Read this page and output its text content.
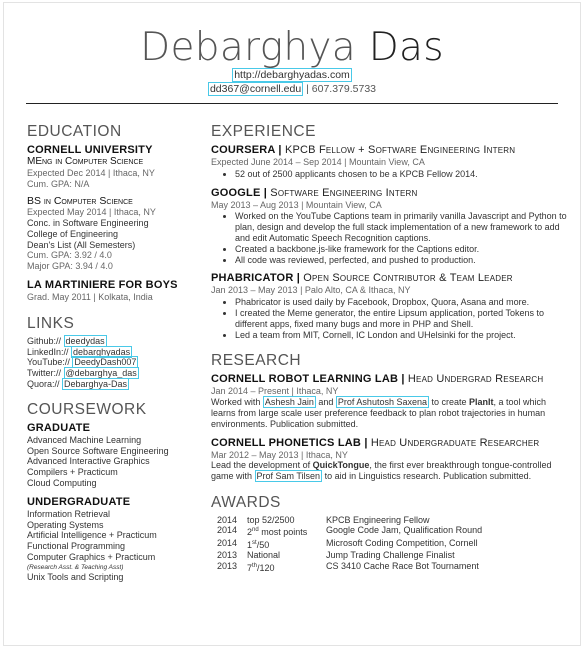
Debarghya Das
http://debarghyadas.com
dd367@cornell.edu | 607.379.5733
EDUCATION
CORNELL UNIVERSITY
MEng in Computer Science
Expected Dec 2014 | Ithaca, NY
Cum. GPA: N/A
BS in Computer Science
Expected May 2014 | Ithaca, NY
Conc. in Software Engineering
College of Engineering
Dean's List (All Semesters)
Cum. GPA: 3.92 / 4.0
Major GPA: 3.94 / 4.0
LA MARTINIERE FOR BOYS
Grad. May 2011 | Kolkata, India
LINKS
Github:// deedydas
LinkedIn:// debarghyadas
YouTube:// DeedyDash007
Twitter:// @debarghya_das
Quora:// Debarghya-Das
COURSEWORK
GRADUATE
Advanced Machine Learning
Open Source Software Engineering
Advanced Interactive Graphics
Compilers + Practicum
Cloud Computing
UNDERGRADUATE
Information Retrieval
Operating Systems
Artificial Intelligence + Practicum
Functional Programming
Computer Graphics + Practicum
(Research Asst. & Teaching Asst)
Unix Tools and Scripting
EXPERIENCE
COURSERA | KPCB Fellow + Software Engineering Intern
Expected June 2014 – Sep 2014 | Mountain View, CA
• 52 out of 2500 applicants chosen to be a KPCB Fellow 2014.
GOOGLE | Software Engineering Intern
May 2013 – Aug 2013 | Mountain View, CA
• Worked on the YouTube Captions team in primarily vanilla Javascript and Python to plan, design and develop the full stack implementation of a new framework to add and edit Automatic Speech Recognition captions.
• Created a backbone.js-like framework for the Captions editor.
• All code was reviewed, perfected, and pushed to production.
PHABRICATOR | Open Source Contributor & Team Leader
Jan 2013 – May 2013 | Palo Alto, CA & Ithaca, NY
• Phabricator is used daily by Facebook, Dropbox, Quora, Asana and more.
• I created the Meme generator, the entire Lipsum application, ported Tokens to different apps, fixed many bugs and more in PHP and Shell.
• Led a team from MIT, Cornell, IC London and UHelsinki for the project.
RESEARCH
CORNELL ROBOT LEARNING LAB | Head Undergrad Research
Jan 2014 – Present | Ithaca, NY
Worked with Ashesh Jain and Prof Ashutosh Saxena to create PlanIt, a tool which learns from large scale user preference feedback to plan robot trajectories in human environments. Publication submitted.
CORNELL PHONETICS LAB | Head Undergraduate Researcher
Mar 2012 – May 2013 | Ithaca, NY
Lead the development of QuickTongue, the first ever breakthrough tongue-controlled game with Prof Sam Tilsen to aid in Linguistics research. Publication submitted.
AWARDS
2014	top 52/2500	KPCB Engineering Fellow
2014	2nd most points	Google Code Jam, Qualification Round
2014	1st/50	Microsoft Coding Competition, Cornell
2013	National	Jump Trading Challenge Finalist
2013	7th/120	CS 3410 Cache Race Bot Tournament
